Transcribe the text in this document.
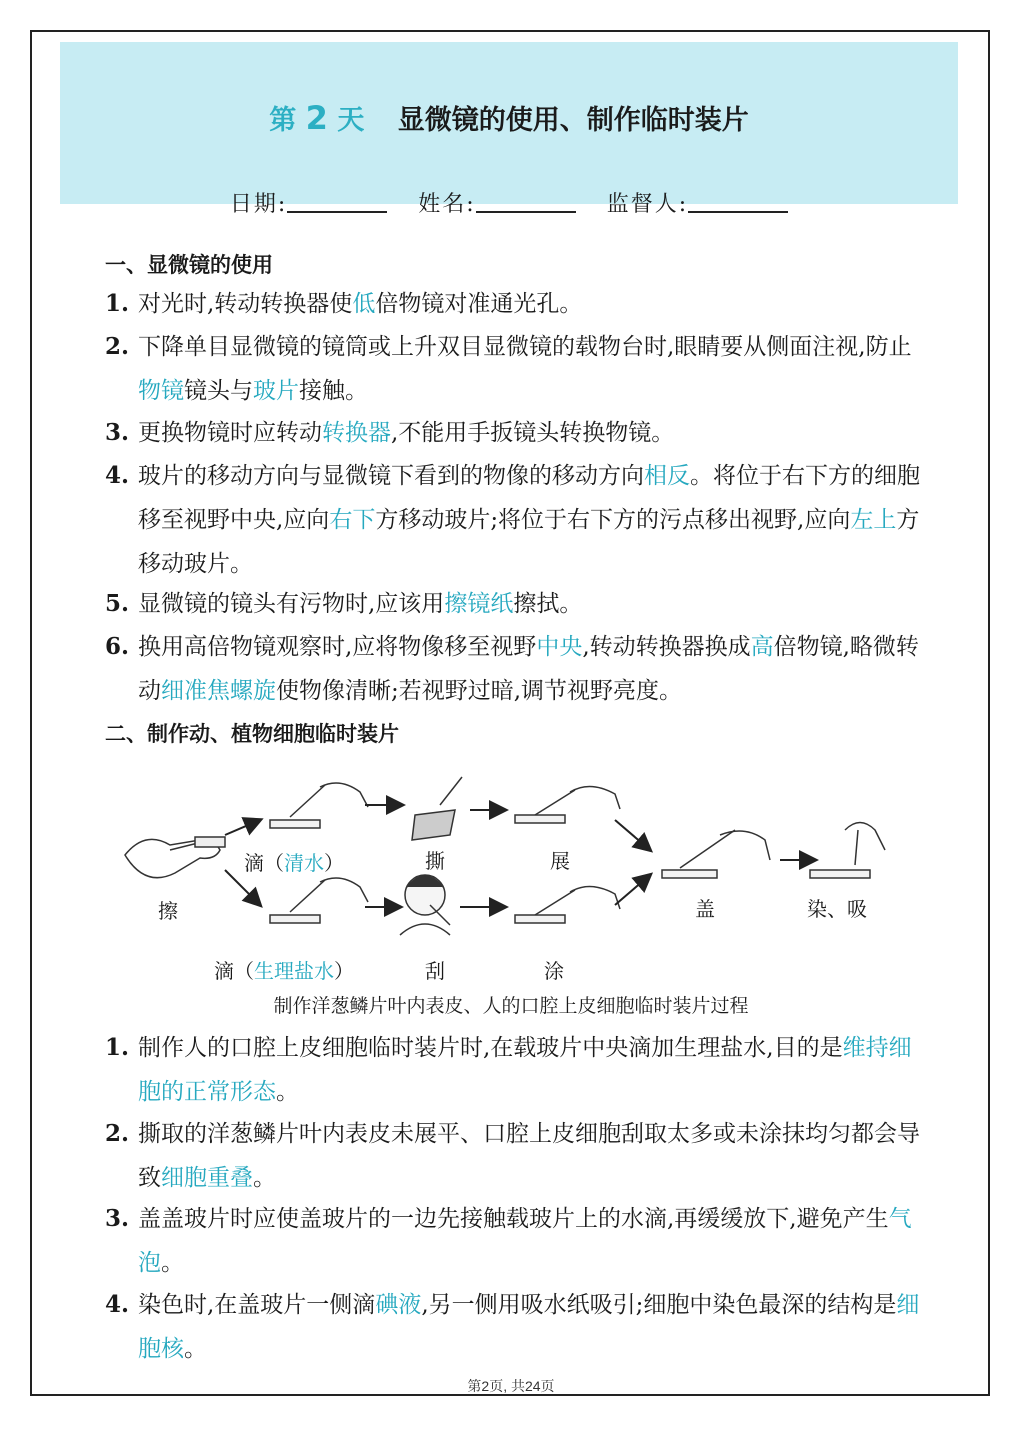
第 2 天 显微镜的使用、制作临时装片
日期:	姓名:	监督人:
一、显微镜的使用
1. 对光时,转动转换器使低倍物镜对准通光孔。
2. 下降单目显微镜的镜筒或上升双目显微镜的载物台时,眼睛要从侧面注视,防止物镜镜头与玻片接触。
3. 更换物镜时应转动转换器,不能用手扳镜头转换物镜。
4. 玻片的移动方向与显微镜下看到的物像的移动方向相反。将位于右下方的细胞移至视野中央,应向右下方移动玻片;将位于右下方的污点移出视野,应向左上方移动玻片。
5. 显微镜的镜头有污物时,应该用擦镜纸擦拭。
6. 换用高倍物镜观察时,应将物像移至视野中央,转动转换器换成高倍物镜,略微转动细准焦螺旋使物像清晰;若视野过暗,调节视野亮度。
二、制作动、植物细胞临时装片
擦
滴（清水）	撕	展
盖	染、吸
滴（生理盐水）	刮	涂
制作洋葱鳞片叶内表皮、人的口腔上皮细胞临时装片过程
1. 制作人的口腔上皮细胞临时装片时,在载玻片中央滴加生理盐水,目的是维持细胞的正常形态。
2. 撕取的洋葱鳞片叶内表皮未展平、口腔上皮细胞刮取太多或未涂抹均匀都会导致细胞重叠。
3. 盖盖玻片时应使盖玻片的一边先接触载玻片上的水滴,再缓缓放下,避免产生气泡。
4. 染色时,在盖玻片一侧滴碘液,另一侧用吸水纸吸引;细胞中染色最深的结构是细胞核。
第2页, 共24页
